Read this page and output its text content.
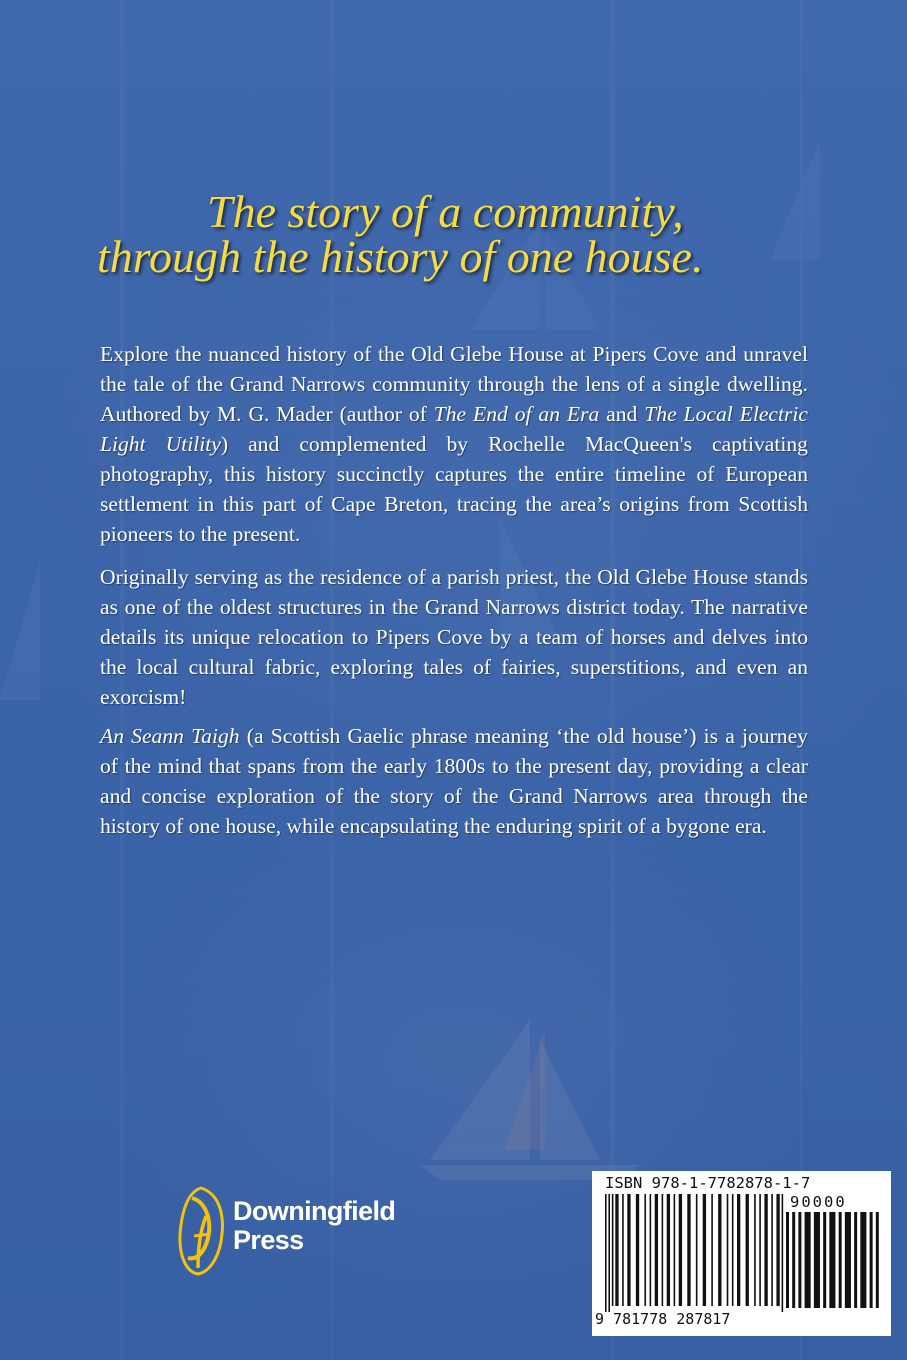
The story of a community,

through the history of one house.

Explore the nuanced history of the Old Glebe House at Pipers Cove and unravel the tale of the Grand Narrows community through the lens of a single dwelling. Authored by M. G. Mader (author of The End of an Era and The Local Electric Light Utility) and complemented by Rochelle MacQueen's captivating photography, this history succinctly captures the entire timeline of European settlement in this part of Cape Breton, tracing the area’s origins from Scottish pioneers to the present.

Originally serving as the residence of a parish priest, the Old Glebe House stands as one of the oldest structures in the Grand Narrows district today. The narrative details its unique relocation to Pipers Cove by a team of horses and delves into the local cultural fabric, exploring tales of fairies, superstitions, and even an exorcism!

An Seann Taigh (a Scottish Gaelic phrase meaning ‘the old house’) is a journey of the mind that spans from the early 1800s to the present day, providing a clear and concise exploration of the story of the Grand Narrows area through the history of one house, while encapsulating the enduring spirit of a bygone era.

Downingfield

Press

ISBN 978-1-7782878-1-7

90000

9 781778 287817
